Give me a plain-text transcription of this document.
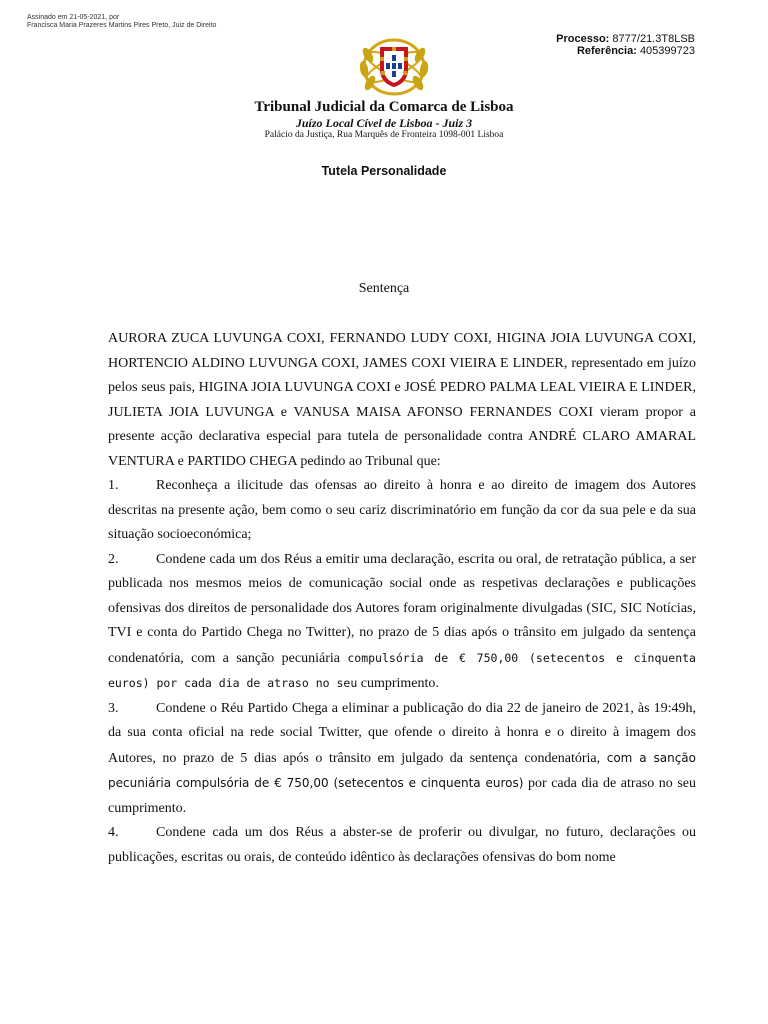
Assinado em 21-05-2021, por
Francisca Maria Prazeres Martins Pires Preto, Juiz de Direito
Processo: 8777/21.3T8LSB
Referência: 405399723
Tribunal Judicial da Comarca de Lisboa
Juízo Local Cível de Lisboa - Juiz 3
Palácio da Justiça, Rua Marquês de Fronteira 1098-001 Lisboa
Tutela Personalidade
Sentença

AURORA ZUCA LUVUNGA COXI, FERNANDO LUDY COXI, HIGINA JOIA LUVUNGA COXI, HORTENCIO ALDINO LUVUNGA COXI, JAMES COXI VIEIRA E LINDER, representado em juízo pelos seus pais, HIGINA JOIA LUVUNGA COXI e JOSÉ PEDRO PALMA LEAL VIEIRA E LINDER, JULIETA JOIA LUVUNGA e VANUSA MAISA AFONSO FERNANDES COXI vieram propor a presente acção declarativa especial para tutela de personalidade contra ANDRÉ CLARO AMARAL VENTURA e PARTIDO CHEGA pedindo ao Tribunal que:

1.	Reconheça a ilicitude das ofensas ao direito à honra e ao direito de imagem dos Autores descritas na presente ação, bem como o seu cariz discriminatório em função da cor da sua pele e da sua situação socioeconómica;

2.	Condene cada um dos Réus a emitir uma declaração, escrita ou oral, de retratação pública, a ser publicada nos mesmos meios de comunicação social onde as respetivas declarações e publicações ofensivas dos direitos de personalidade dos Autores foram originalmente divulgadas (SIC, SIC Notícias, TVI e conta do Partido Chega no Twitter), no prazo de 5 dias após o trânsito em julgado da sentença condenatória, com a sanção pecuniária compulsória de € 750,00 (setecentos e cinquenta euros) por cada dia de atraso no seu cumprimento.

3.	Condene o Réu Partido Chega a eliminar a publicação do dia 22 de janeiro de 2021, às 19:49h, da sua conta oficial na rede social Twitter, que ofende o direito à honra e o direito à imagem dos Autores, no prazo de 5 dias após o trânsito em julgado da sentença condenatória, com a sanção pecuniária compulsória de € 750,00 (setecentos e cinquenta euros) por cada dia de atraso no seu cumprimento.

4.	Condene cada um dos Réus a abster-se de proferir ou divulgar, no futuro, declarações ou publicações, escritas ou orais, de conteúdo idêntico às declarações ofensivas do bom nome
